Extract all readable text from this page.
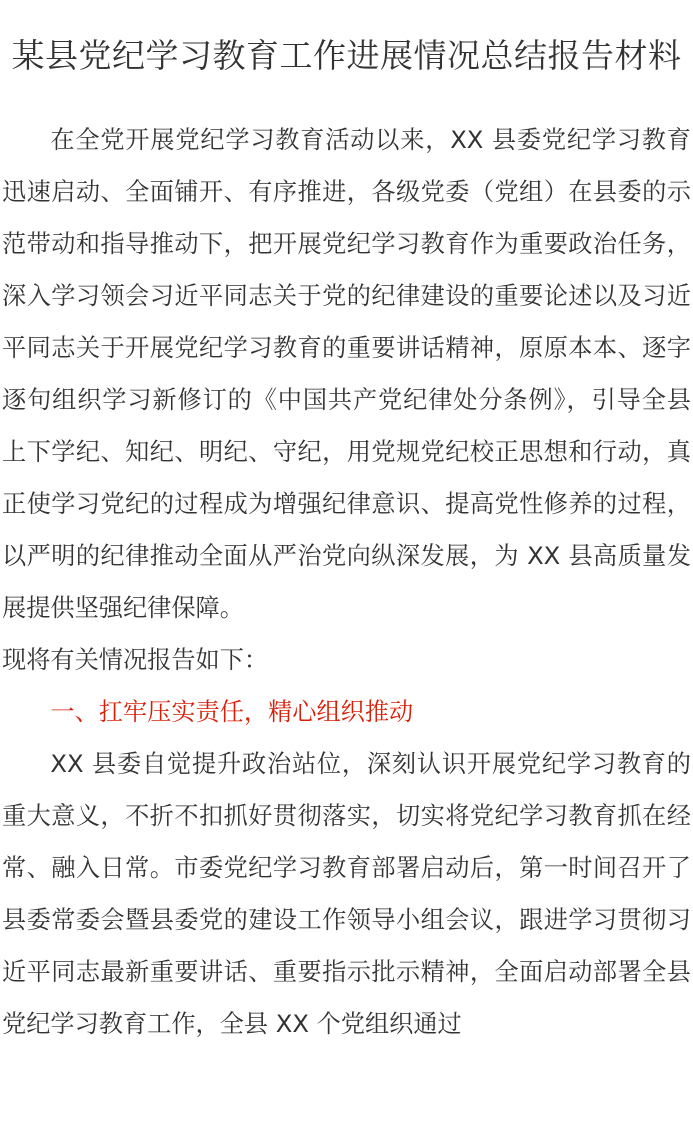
某县党纪学习教育工作进展情况总结报告材料

在全党开展党纪学习教育活动以来，XX 县委党纪学习教育迅速启动、全面铺开、有序推进，各级党委（党组）在县委的示范带动和指导推动下，把开展党纪学习教育作为重要政治任务，深入学习领会习近平同志关于党的纪律建设的重要论述以及习近平同志关于开展党纪学习教育的重要讲话精神，原原本本、逐字逐句组织学习新修订的《中国共产党纪律处分条例》，引导全县上下学纪、知纪、明纪、守纪，用党规党纪校正思想和行动，真正使学习党纪的过程成为增强纪律意识、提高党性修养的过程，以严明的纪律推动全面从严治党向纵深发展，为 XX 县高质量发展提供坚强纪律保障。

现将有关情况报告如下：

一、扛牢压实责任，精心组织推动

XX 县委自觉提升政治站位，深刻认识开展党纪学习教育的重大意义，不折不扣抓好贯彻落实，切实将党纪学习教育抓在经常、融入日常。市委党纪学习教育部署启动后，第一时间召开了县委常委会暨县委党的建设工作领导小组会议，跟进学习贯彻习近平同志最新重要讲话、重要指示批示精神，全面启动部署全县党纪学习教育工作，全县 XX 个党组织通过
